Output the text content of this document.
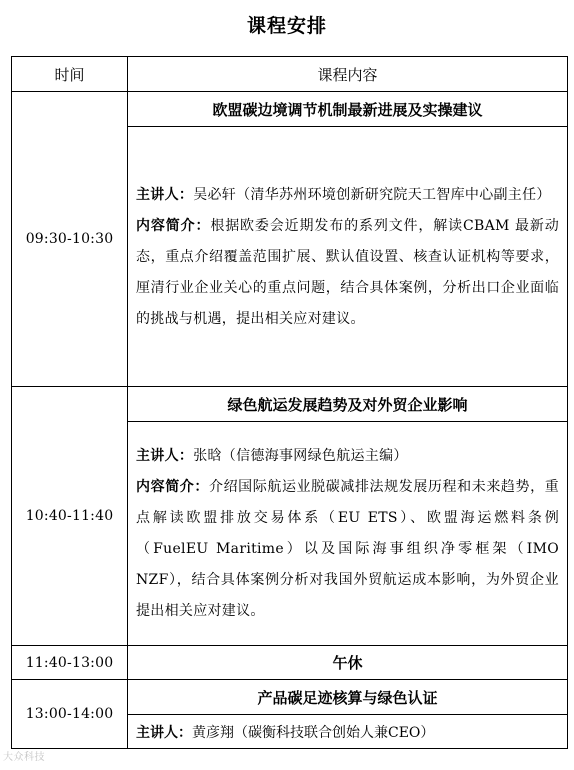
课程安排
时间	课程内容
09:30-10:30	欧盟碳边境调节机制最新进展及实操建议

	主讲人：吴必轩（清华苏州环境创新研究院天工智库中心副主任）

内容简介：根据欧委会近期发布的系列文件，解读CBAM 最新动态，重点介绍覆盖范围扩展、默认值设置、核查认证机构等要求，厘清行业企业关心的重点问题，结合具体案例，分析出口企业面临的挑战与机遇，提出相关应对建议。

10:40-11:40	绿色航运发展趋势及对外贸企业影响

	主讲人：张晗（信德海事网绿色航运主编）

内容简介：介绍国际航运业脱碳减排法规发展历程和未来趋势，重点解读欧盟排放交易体系（EU ETS）、欧盟海运燃料条例（FuelEU Maritime）以及国际海事组织净零框架（IMO NZF），结合具体案例分析对我国外贸航运成本影响，为外贸企业提出相关应对建议。

11:40-13:00	午休
13:00-14:00	产品碳足迹核算与绿色认证
	主讲人：黄彦翔（碳衡科技联合创始人兼CEO）
大众科技
